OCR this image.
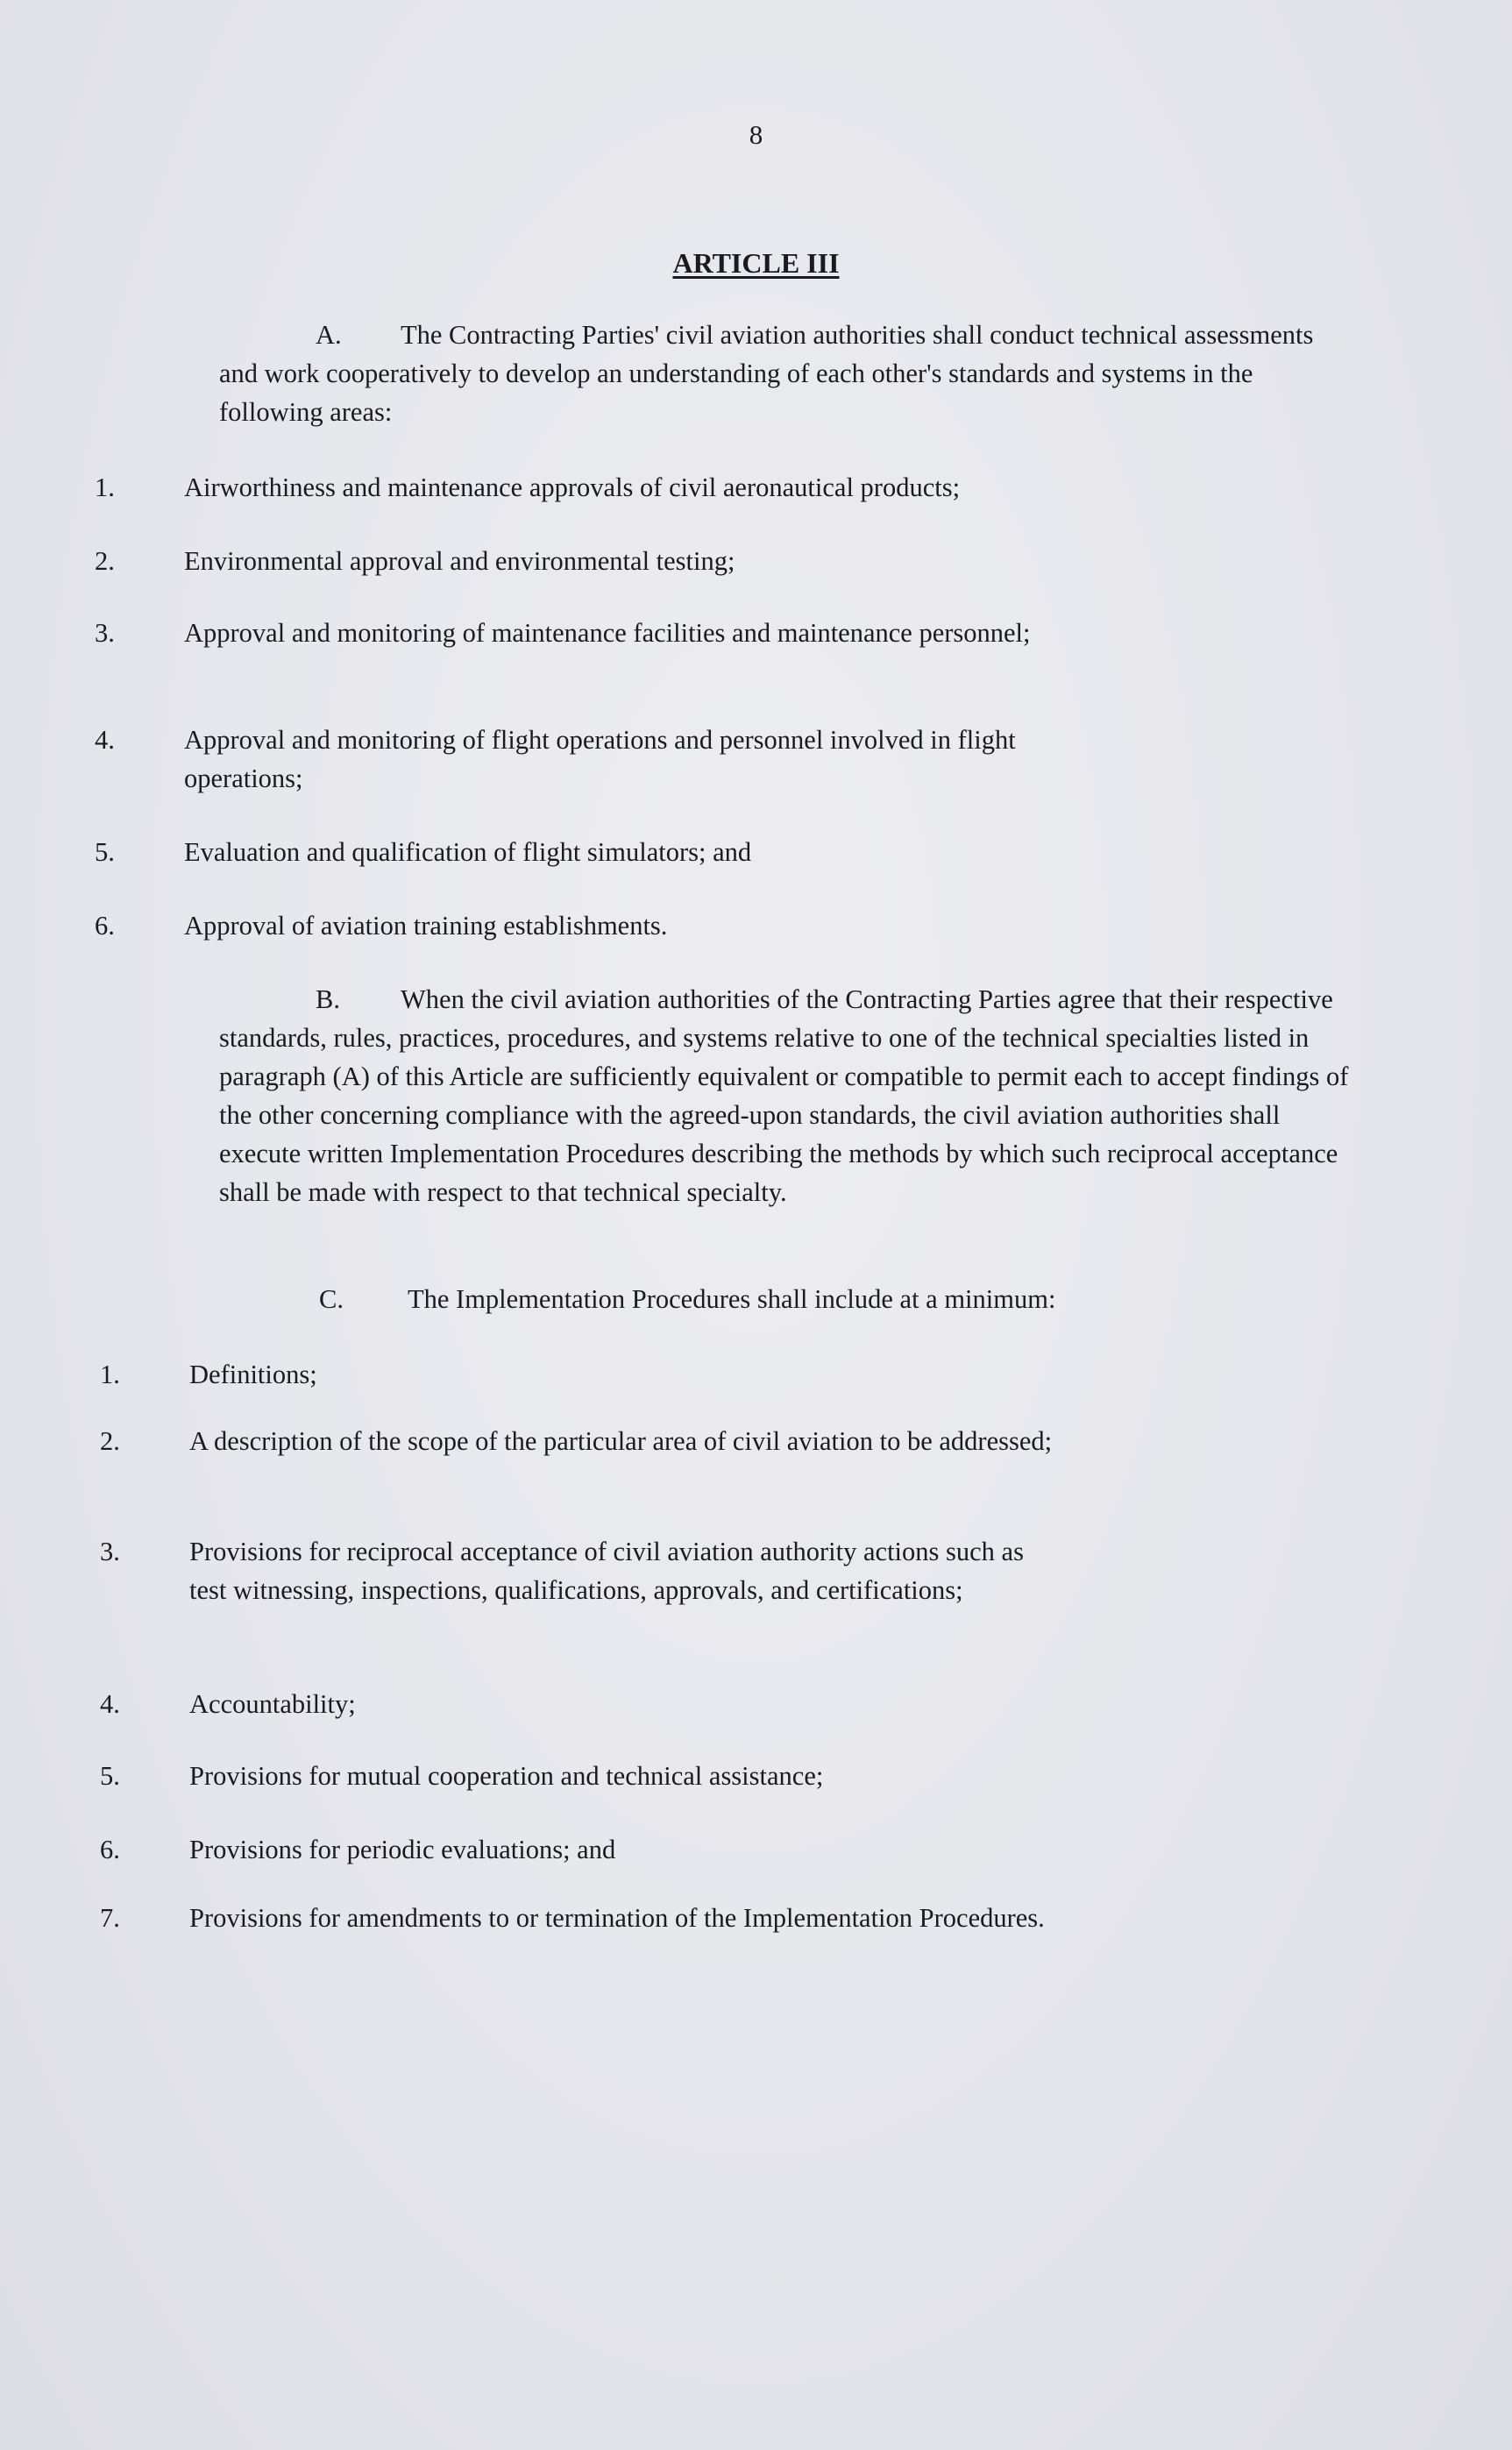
8
ARTICLE III

A. The Contracting Parties' civil aviation authorities shall conduct technical assessments and work cooperatively to develop an understanding of each other's standards and systems in the following areas:

1.	Airworthiness and maintenance approvals of civil aeronautical products;
2.	Environmental approval and environmental testing;
3.	Approval and monitoring of maintenance facilities and maintenance personnel;
4.	Approval and monitoring of flight operations and personnel involved in flight operations;
5.	Evaluation and qualification of flight simulators; and
6.	Approval of aviation training establishments.

B. When the civil aviation authorities of the Contracting Parties agree that their respective standards, rules, practices, procedures, and systems relative to one of the technical specialties listed in paragraph (A) of this Article are sufficiently equivalent or compatible to permit each to accept findings of the other concerning compliance with the agreed-upon standards, the civil aviation authorities shall execute written Implementation Procedures describing the methods by which such reciprocal acceptance shall be made with respect to that technical specialty.

C. The Implementation Procedures shall include at a minimum:

1.	Definitions;
2.	A description of the scope of the particular area of civil aviation to be addressed;
3.	Provisions for reciprocal acceptance of civil aviation authority actions such as test witnessing, inspections, qualifications, approvals, and certifications;
4.	Accountability;
5.	Provisions for mutual cooperation and technical assistance;
6.	Provisions for periodic evaluations; and
7.	Provisions for amendments to or termination of the Implementation Procedures.
